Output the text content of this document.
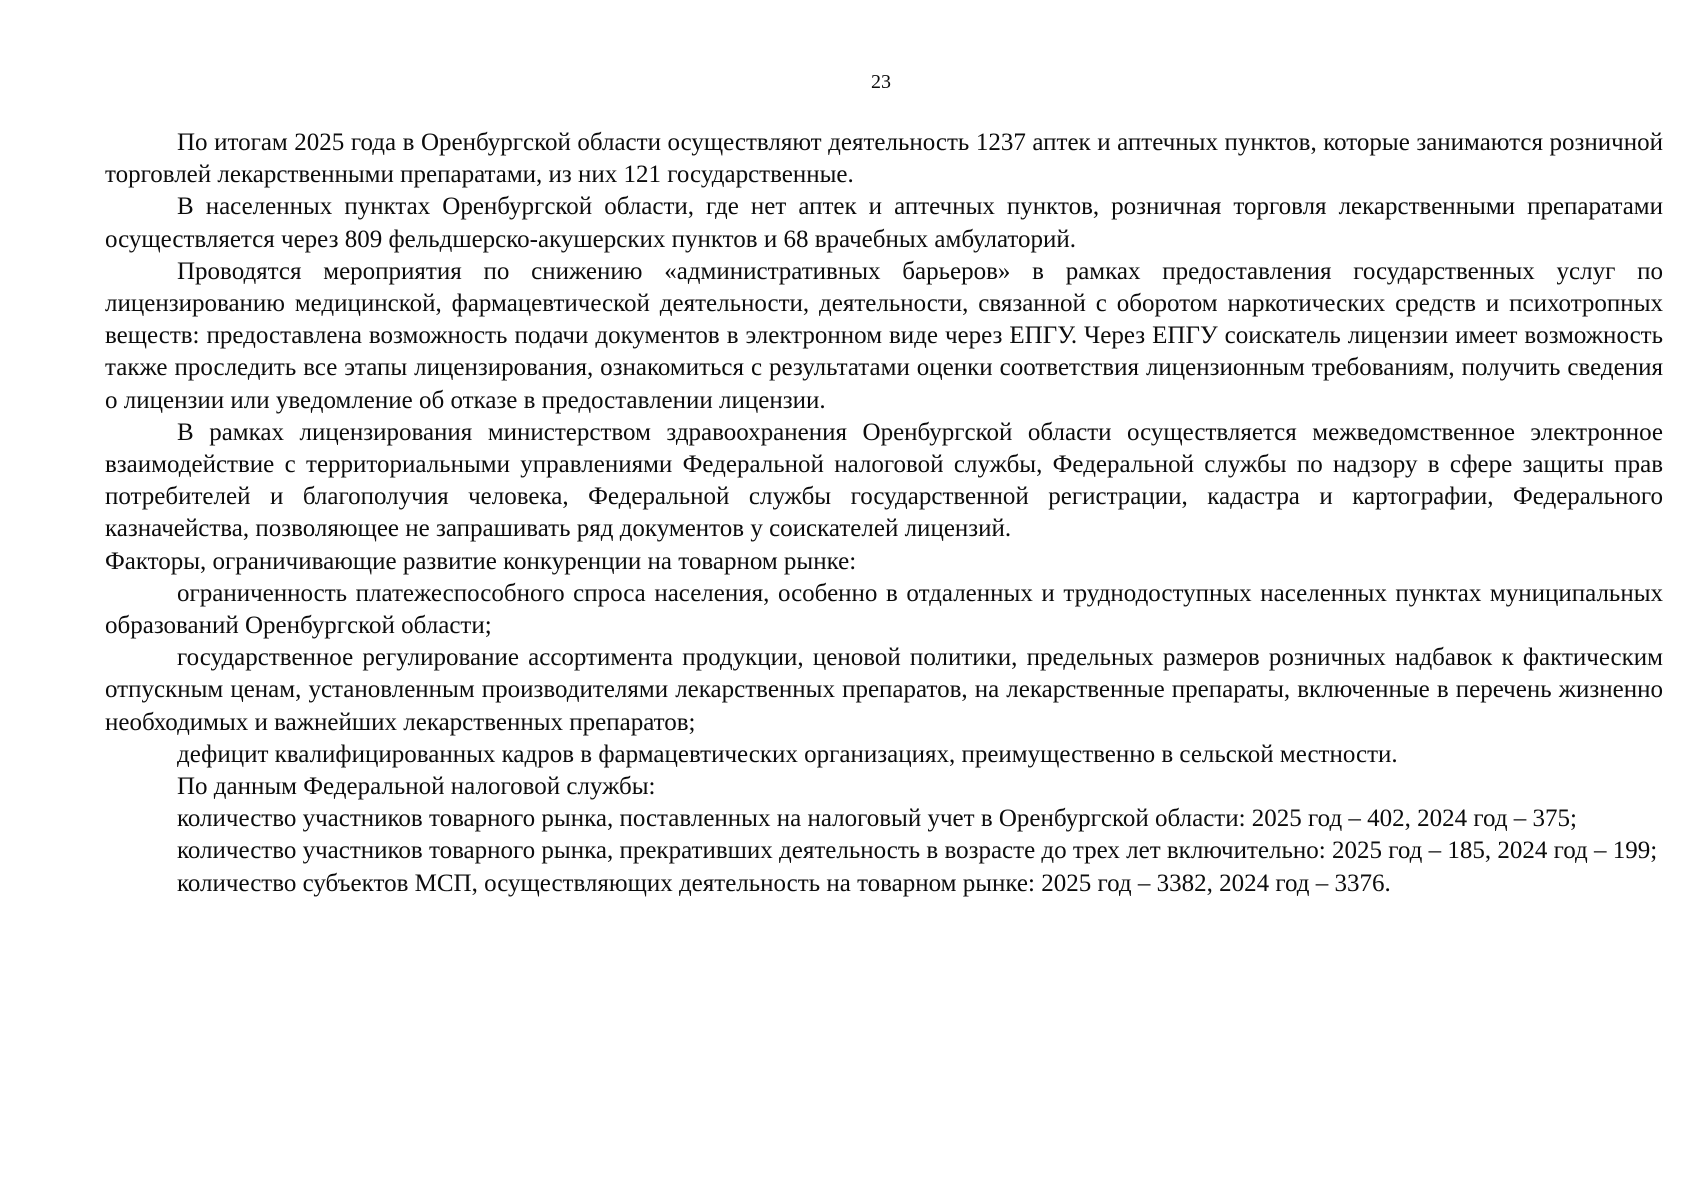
23

По итогам 2025 года в Оренбургской области осуществляют деятельность 1237 аптек и аптечных пунктов, которые занимаются розничной торговлей лекарственными препаратами, из них 121 государственные.

В населенных пунктах Оренбургской области, где нет аптек и аптечных пунктов, розничная торговля лекарственными препаратами осуществляется через 809 фельдшерско-акушерских пунктов и 68 врачебных амбулаторий.

Проводятся мероприятия по снижению «административных барьеров» в рамках предоставления государственных услуг по лицензированию медицинской, фармацевтической деятельности, деятельности, связанной с оборотом наркотических средств и психотропных веществ: предоставлена возможность подачи документов в электронном виде через ЕПГУ. Через ЕПГУ соискатель лицензии имеет возможность также проследить все этапы лицензирования, ознакомиться с результатами оценки соответствия лицензионным требованиям, получить сведения о лицензии или уведомление об отказе в предоставлении лицензии.

В рамках лицензирования министерством здравоохранения Оренбургской области осуществляется межведомственное электронное взаимодействие с территориальными управлениями Федеральной налоговой службы, Федеральной службы по надзору в сфере защиты прав потребителей и благополучия человека, Федеральной службы государственной регистрации, кадастра и картографии, Федерального казначейства, позволяющее не запрашивать ряд документов у соискателей лицензий.

Факторы, ограничивающие развитие конкуренции на товарном рынке:

ограниченность платежеспособного спроса населения, особенно в отдаленных и труднодоступных населенных пунктах муниципальных образований Оренбургской области;

государственное регулирование ассортимента продукции, ценовой политики, предельных размеров розничных надбавок к фактическим отпускным ценам, установленным производителями лекарственных препаратов, на лекарственные препараты, включенные в перечень жизненно необходимых и важнейших лекарственных препаратов;

дефицит квалифицированных кадров в фармацевтических организациях, преимущественно в сельской местности.

По данным Федеральной налоговой службы:

количество участников товарного рынка, поставленных на налоговый учет в Оренбургской области: 2025 год – 402, 2024 год – 375;

количество участников товарного рынка, прекративших деятельность в возрасте до трех лет включительно: 2025 год – 185, 2024 год – 199;

количество субъектов МСП, осуществляющих деятельность на товарном рынке: 2025 год – 3382, 2024 год – 3376.
